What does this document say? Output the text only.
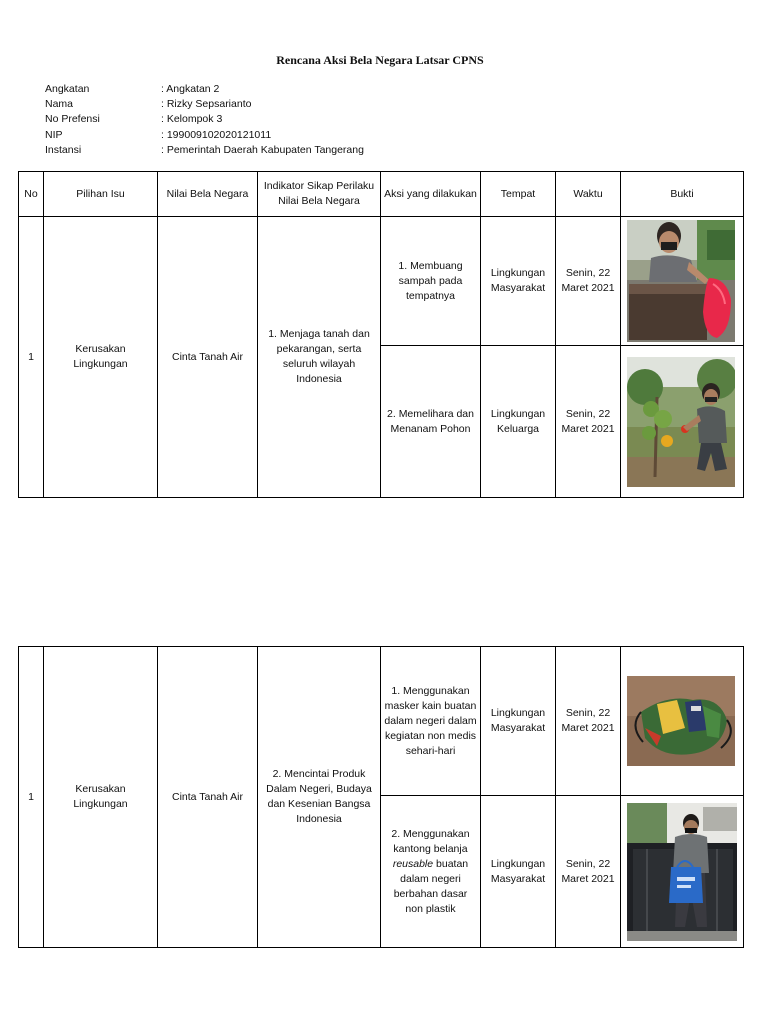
Rencana Aksi Bela Negara Latsar CPNS
Angkatan	: Angkatan 2
Nama	: Rizky Sepsarianto
No Prefensi	: Kelompok 3
NIP	: 199009102020121011
Instansi	: Pemerintah Daerah Kabupaten Tangerang
No	Pilihan Isu	Nilai Bela Negara	Indikator Sikap Perilaku Nilai Bela Negara	Aksi yang dilakukan	Tempat	Waktu	Bukti
1	Kerusakan Lingkungan	Cinta Tanah Air	1. Menjaga tanah dan pekarangan, serta seluruh wilayah Indonesia	1. Membuang sampah pada tempatnya	Lingkungan Masyarakat	Senin, 22 Maret 2021	

				2. Memelihara dan Menanam Pohon	Lingkungan Keluarga	Senin, 22 Maret 2021	
1	Kerusakan Lingkungan	Cinta Tanah Air	2. Mencintai Produk Dalam Negeri, Budaya dan Kesenian Bangsa Indonesia	1. Menggunakan masker kain buatan dalam negeri dalam kegiatan non medis sehari-hari	Lingkungan Masyarakat	Senin, 22 Maret 2021	

				2. Menggunakan kantong belanja reusable buatan dalam negeri berbahan dasar non plastik	Lingkungan Masyarakat	Senin, 22 Maret 2021	
